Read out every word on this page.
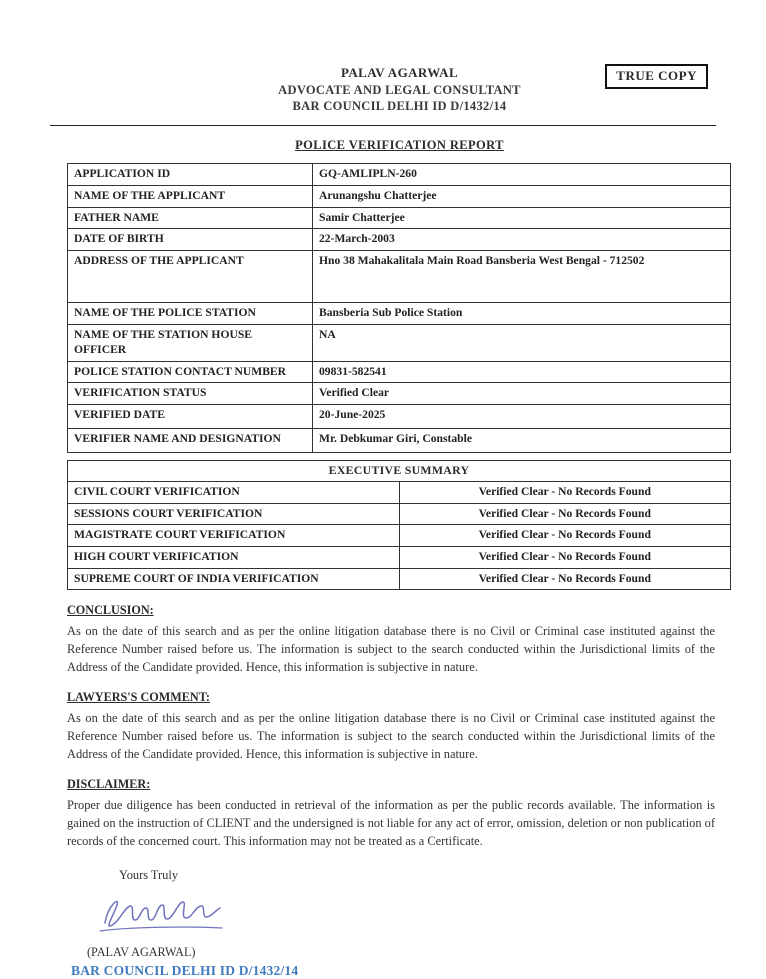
PALAV AGARWAL
ADVOCATE AND LEGAL CONSULTANT
BAR COUNCIL DELHI ID D/1432/14
TRUE COPY
POLICE VERIFICATION REPORT
APPLICATION ID	GQ-AMLIPLN-260
NAME OF THE APPLICANT	Arunangshu Chatterjee
FATHER NAME	Samir Chatterjee
DATE OF BIRTH	22-March-2003
ADDRESS OF THE APPLICANT	Hno 38 Mahakalitala Main Road Bansberia West Bengal - 712502
NAME OF THE POLICE STATION	Bansberia Sub Police Station
NAME OF THE STATION HOUSE OFFICER	NA
POLICE STATION CONTACT NUMBER	09831-582541
VERIFICATION STATUS	Verified Clear
VERIFIED DATE	20-June-2025
VERIFIER NAME AND DESIGNATION	Mr. Debkumar Giri, Constable
EXECUTIVE SUMMARY	
CIVIL COURT VERIFICATION	Verified Clear - No Records Found
SESSIONS COURT VERIFICATION	Verified Clear - No Records Found
MAGISTRATE COURT VERIFICATION	Verified Clear - No Records Found
HIGH COURT VERIFICATION	Verified Clear - No Records Found
SUPREME COURT OF INDIA VERIFICATION	Verified Clear - No Records Found
CONCLUSION:
As on the date of this search and as per the online litigation database there is no Civil or Criminal case instituted against the Reference Number raised before us. The information is subject to the search conducted within the Jurisdictional limits of the Address of the Candidate provided. Hence, this information is subjective in nature.
LAWYERS'S COMMENT:
As on the date of this search and as per the online litigation database there is no Civil or Criminal case instituted against the Reference Number raised before us. The information is subject to the search conducted within the Jurisdictional limits of the Address of the Candidate provided. Hence, this information is subjective in nature.
DISCLAIMER:
Proper due diligence has been conducted in retrieval of the information as per the public records available. The information is gained on the instruction of CLIENT and the undersigned is not liable for any act of error, omission, deletion or non publication of records of the concerned court. This information may not be treated as a Certificate.
Yours Truly
(PALAV AGARWAL)
BAR COUNCIL DELHI ID D/1432/14
